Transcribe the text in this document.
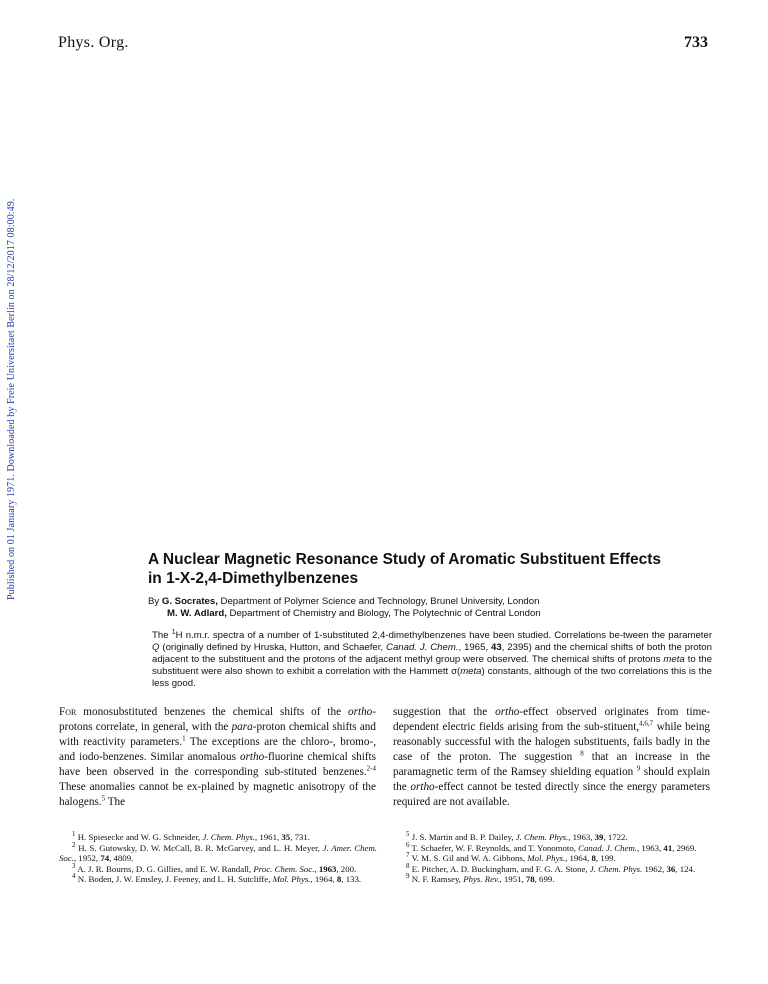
Phys. Org.	733
Published on 01 January 1971. Downloaded by Freie Universitaet Berlin on 28/12/2017 08:00:49.	A Nuclear Magnetic Resonance Study of Aromatic Substituent Effects
in 1-X-2,4-Dimethylbenzenes
By G. Socrates, Department of Polymer Science and Technology, Brunel University, London
M. W. Adlard, Department of Chemistry and Biology, The Polytechnic of Central London
The $^1$H n.m.r. spectra of a number of 1-substituted 2,4-dimethylbenzenes have been studied. Correlations be-tween the parameter Q (originally defined by Hruska, Hutton, and Schaefer, Canad. J. Chem., 1965, 43, 2395) and the chemical shifts of both the proton adjacent to the substituent and the protons of the adjacent methyl group were observed. The chemical shifts of protons meta to the substituent were also shown to exhibit a correlation with the Hammett σ(meta) constants, although of the two correlations this is the less good.
For monosubstituted benzenes the chemical shifts of the ortho-protons correlate, in general, with the para-proton chemical shifts and with reactivity parameters.$^1$ The exceptions are the chloro-, bromo-, and iodo-benzenes. Similar anomalous ortho-fluorine chemical shifts have been observed in the corresponding sub-stituted benzenes.$^{2-4}$ These anomalies cannot be ex-plained by magnetic anisotropy of the halogens.$^5$ The
suggestion that the ortho-effect observed originates from time-dependent electric fields arising from the sub-stituent,$^{4,6,7}$ while being reasonably successful with the halogen substituents, fails badly in the case of the proton. The suggestion $^8$ that an increase in the paramagnetic term of the Ramsey shielding equation $^9$ should explain the ortho-effect cannot be tested directly since the energy parameters required are not available.

$^1$ H. Spiesecke and W. G. Schneider, J. Chem. Phys., 1961, 35, 731.

$^2$ H. S. Gutowsky, D. W. McCall, B. R. McGarvey, and L. H. Meyer, J. Amer. Chem. Soc., 1952, 74, 4809.

$^3$ A. J. R. Bourns, D. G. Gillies, and E. W. Randall, Proc. Chem. Soc., 1963, 200.

$^4$ N. Boden, J. W. Emsley, J. Feeney, and L. H. Sutcliffe, Mol. Phys., 1964, 8, 133.

$^5$ J. S. Martin and B. P. Dailey, J. Chem. Phys., 1963, 39, 1722.

$^6$ T. Schaefer, W. F. Reynolds, and T. Yonomoto, Canad. J. Chem., 1963, 41, 2969.

$^7$ V. M. S. Gil and W. A. Gibbons, Mol. Phys., 1964, 8, 199.

$^8$ E. Pitcher, A. D. Buckingham, and F. G. A. Stone, J. Chem. Phys. 1962, 36, 124.

$^9$ N. F. Ramsey, Phys. Rev., 1951, 78, 699.
